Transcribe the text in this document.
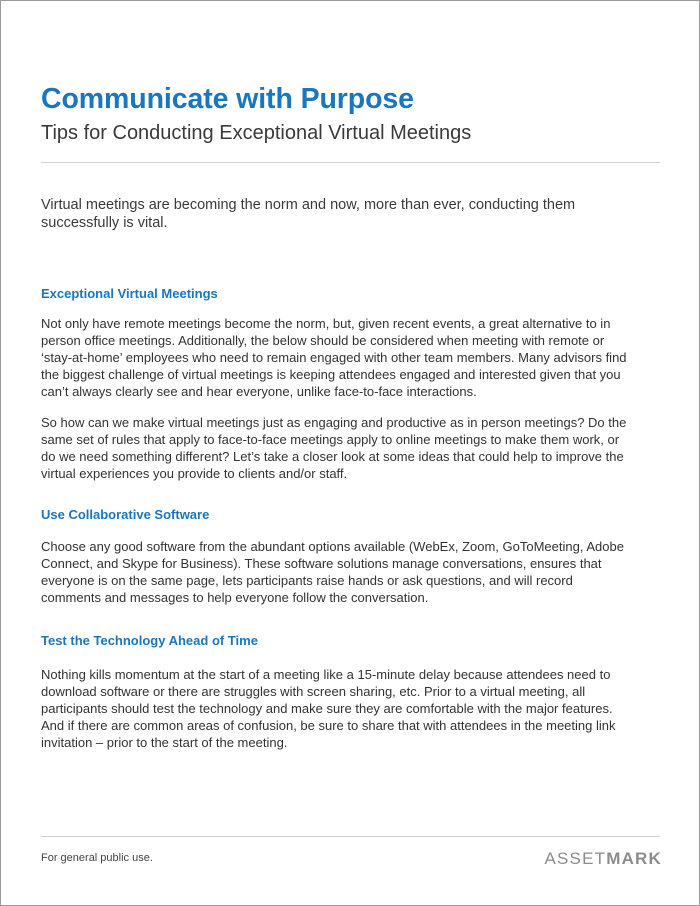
Communicate with Purpose

Tips for Conducting Exceptional Virtual Meetings

Virtual meetings are becoming the norm and now, more than ever, conducting them successfully is vital.

Exceptional Virtual Meetings

Not only have remote meetings become the norm, but, given recent events, a great alternative to in person office meetings. Additionally, the below should be considered when meeting with remote or ‘stay-at-home’ employees who need to remain engaged with other team members. Many advisors find the biggest challenge of virtual meetings is keeping attendees engaged and interested given that you can’t always clearly see and hear everyone, unlike face-to-face interactions.

So how can we make virtual meetings just as engaging and productive as in person meetings? Do the same set of rules that apply to face-to-face meetings apply to online meetings to make them work, or do we need something different? Let’s take a closer look at some ideas that could help to improve the virtual experiences you provide to clients and/or staff.

Use Collaborative Software

Choose any good software from the abundant options available (WebEx, Zoom, GoToMeeting, Adobe Connect, and Skype for Business). These software solutions manage conversations, ensures that everyone is on the same page, lets participants raise hands or ask questions, and will record comments and messages to help everyone follow the conversation.

Test the Technology Ahead of Time

Nothing kills momentum at the start of a meeting like a 15-minute delay because attendees need to download software or there are struggles with screen sharing, etc. Prior to a virtual meeting, all participants should test the technology and make sure they are comfortable with the major features. And if there are common areas of confusion, be sure to share that with attendees in the meeting link invitation – prior to the start of the meeting.

For general public use.	ASSETMARK
